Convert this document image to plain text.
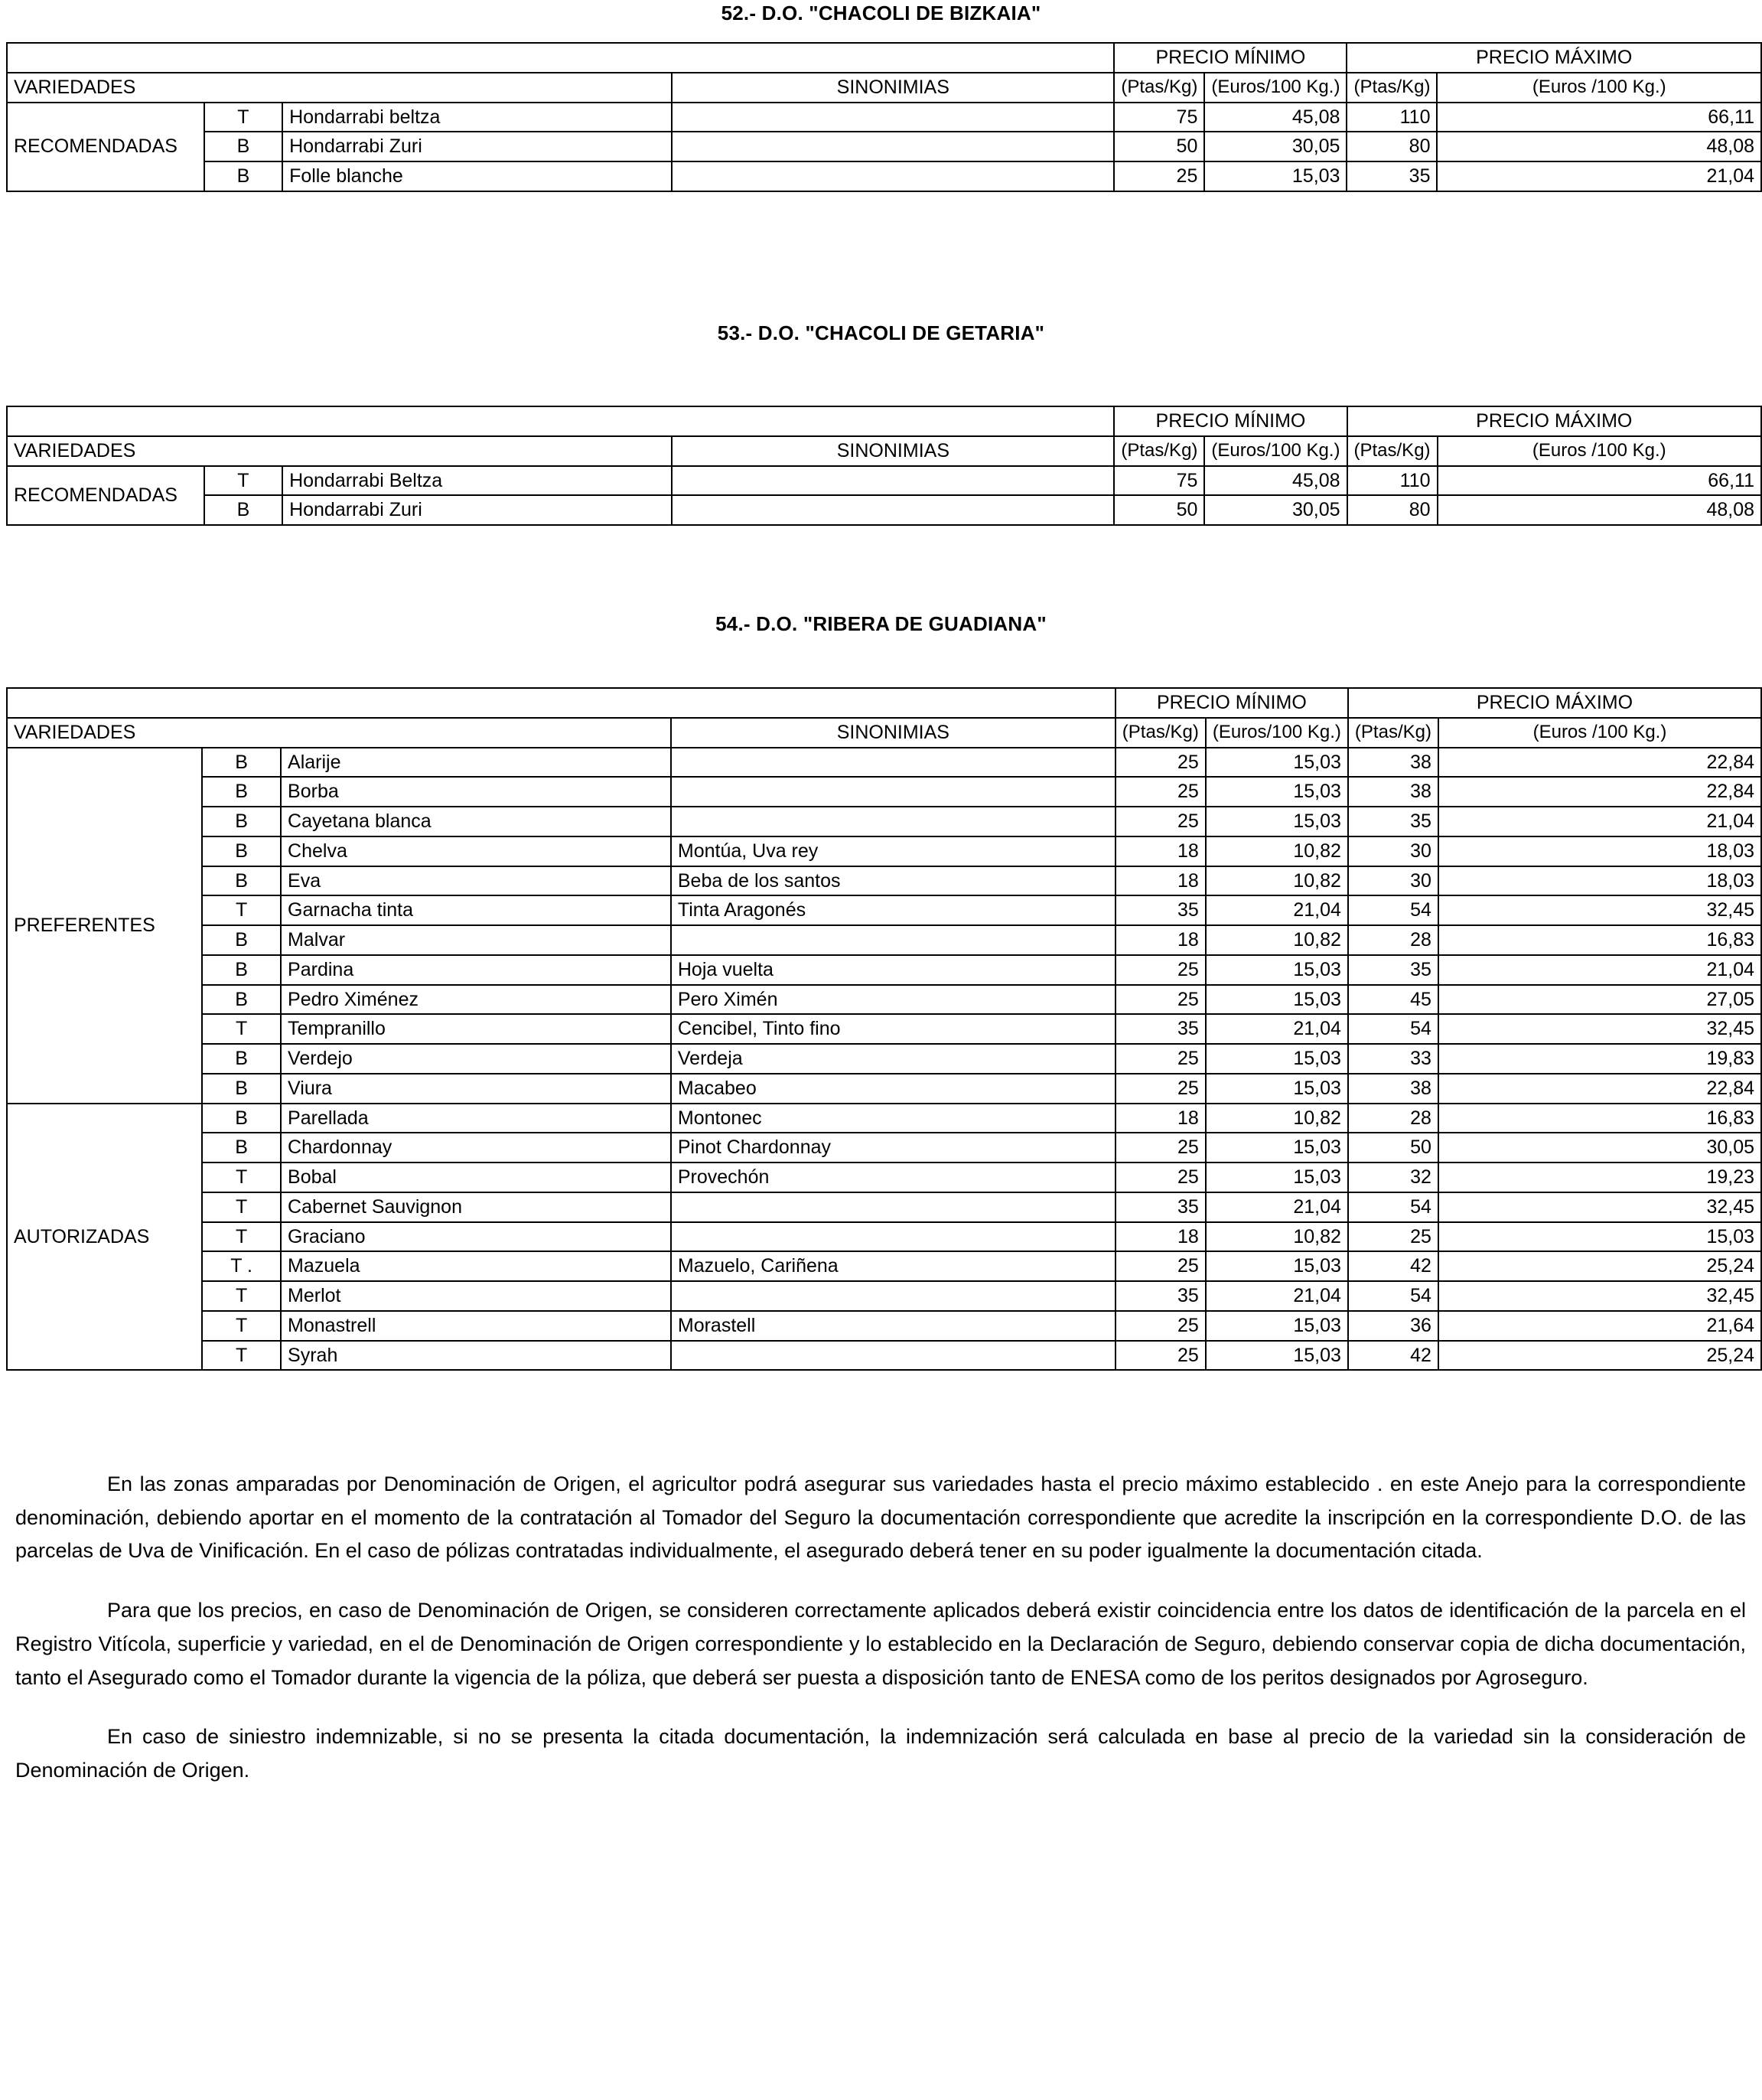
52.- D.O. "CHACOLI DE BIZKAIA"
				PRECIO MÍNIMO		PRECIO MÁXIMO	
VARIEDADES			SINONIMIAS	(Ptas/Kg)	(Euros/100 Kg.)	(Ptas/Kg)	(Euros /100 Kg.)
RECOMENDADAS	T	Hondarrabi beltza		75	45,08	110	66,11
	B	Hondarrabi Zuri		50	30,05	80	48,08
	B	Folle blanche		25	15,03	35	21,04
53.- D.O. "CHACOLI DE GETARIA"
				PRECIO MÍNIMO		PRECIO MÁXIMO	
VARIEDADES			SINONIMIAS	(Ptas/Kg)	(Euros/100 Kg.)	(Ptas/Kg)	(Euros /100 Kg.)
RECOMENDADAS	T	Hondarrabi Beltza		75	45,08	110	66,11
	B	Hondarrabi Zuri		50	30,05	80	48,08
54.- D.O. "RIBERA DE GUADIANA"
				PRECIO MÍNIMO		PRECIO MÁXIMO	
VARIEDADES			SINONIMIAS	(Ptas/Kg)	(Euros/100 Kg.)	(Ptas/Kg)	(Euros /100 Kg.)
PREFERENTES	B	Alarije		25	15,03	38	22,84
	B	Borba		25	15,03	38	22,84
	B	Cayetana blanca		25	15,03	35	21,04
	B	Chelva	Montúa, Uva rey	18	10,82	30	18,03
	B	Eva	Beba de los santos	18	10,82	30	18,03
	T	Garnacha tinta	Tinta Aragonés	35	21,04	54	32,45
	B	Malvar		18	10,82	28	16,83
	B	Pardina	Hoja vuelta	25	15,03	35	21,04
	B	Pedro Ximénez	Pero Ximén	25	15,03	45	27,05
	T	Tempranillo	Cencibel, Tinto fino	35	21,04	54	32,45
	B	Verdejo	Verdeja	25	15,03	33	19,83
	B	Viura	Macabeo	25	15,03	38	22,84
AUTORIZADAS	B	Parellada	Montonec	18	10,82	28	16,83
	B	Chardonnay	Pinot Chardonnay	25	15,03	50	30,05
	T	Bobal	Provechón	25	15,03	32	19,23
	T	Cabernet Sauvignon		35	21,04	54	32,45
	T	Graciano		18	10,82	25	15,03
	T .	Mazuela	Mazuelo, Cariñena	25	15,03	42	25,24
	T	Merlot		35	21,04	54	32,45
	T	Monastrell	Morastell	25	15,03	36	21,64
	T	Syrah		25	15,03	42	25,24

En las zonas amparadas por Denominación de Origen, el agricultor podrá asegurar sus variedades hasta el precio máximo establecido . en este Anejo para la correspondiente denominación, debiendo aportar en el momento de la contratación al Tomador del Seguro la documentación correspondiente que acredite la inscripción en la correspondiente D.O. de las parcelas de Uva de Vinificación. En el caso de pólizas contratadas individualmente, el asegurado deberá tener en su poder igualmente la documentación citada.

Para que los precios, en caso de Denominación de Origen, se consideren correctamente aplicados deberá existir coincidencia entre los datos de identificación de la parcela en el Registro Vitícola, superficie y variedad, en el de Denominación de Origen correspondiente y lo establecido en la Declaración de Seguro, debiendo conservar copia de dicha documentación, tanto el Asegurado como el Tomador durante la vigencia de la póliza, que deberá ser puesta a disposición tanto de ENESA como de los peritos designados por Agroseguro.

En caso de siniestro indemnizable, si no se presenta la citada documentación, la indemnización será calculada en base al precio de la variedad sin la consideración de Denominación de Origen.
